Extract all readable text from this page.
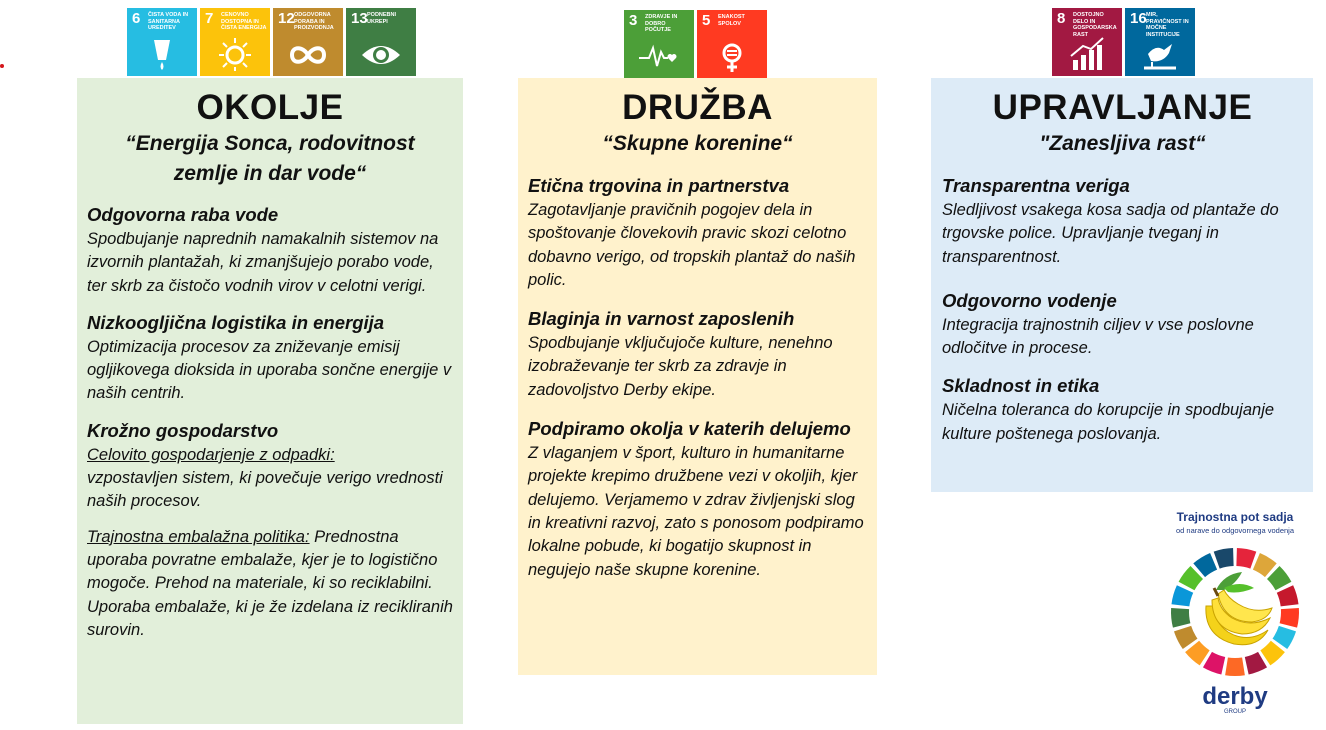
6 ČISTA VODA IN SANITARNA UREDITEV
7 CENOVNO DOSTOPNA IN ČISTA ENERGIJA
12 ODGOVORNA PORABA IN PROIZVODNJA
13 PODNEBNI UKREPI	3 ZDRAVJE IN DOBRO POČUTJE
5 ENAKOST SPOLOV	8 DOSTOJNO DELO IN GOSPODARSKA RAST
16 MIR, PRAVIČNOST IN MOČNE INSTITUCIJE
OKOLJE
“Energija Sonca, rodovitnost
zemlje in dar vode“
Odgovorna raba vode
Spodbujanje naprednih namakalnih sistemov na izvornih plantažah, ki zmanjšujejo porabo vode, ter skrb za čistočo vodnih virov v celotni verigi.
Nizkoogljična logistika in energija
Optimizacija procesov za zniževanje emisij ogljikovega dioksida in uporaba sončne energije v naših centrih.
Krožno gospodarstvo
Celovito gospodarjenje z odpadki:
vzpostavljen sistem, ki povečuje verigo vrednosti naših procesov.
Trajnostna embalažna politika: Prednostna uporaba povratne embalaže, kjer je to logistično mogoče. Prehod na materiale, ki so reciklabilni. Uporaba embalaže, ki je že izdelana iz recikliranih surovin.
DRUŽBA
“Skupne korenine“
Etična trgovina in partnerstva
Zagotavljanje pravičnih pogojev dela in spoštovanje človekovih pravic skozi celotno dobavno verigo, od tropskih plantaž do naših polic.
Blaginja in varnost zaposlenih
Spodbujanje vključujoče kulture, nenehno izobraževanje ter skrb za zdravje in zadovoljstvo Derby ekipe.
Podpiramo okolja v katerih delujemo
Z vlaganjem v šport, kulturo in humanitarne projekte krepimo družbene vezi v okoljih, kjer delujemo. Verjamemo v zdrav življenjski slog in kreativni razvoj, zato s ponosom podpiramo lokalne pobude, ki bogatijo skupnost in negujejo naše skupne korenine.
UPRAVLJANJE
"Zanesljiva rast“
Transparentna veriga
Sledljivost vsakega kosa sadja od plantaže do trgovske police. Upravljanje tveganj in transparentnost.
Odgovorno vodenje
Integracija trajnostnih ciljev v vse poslovne odločitve in procese.
Skladnost in etika
Ničelna toleranca do korupcije in spodbujanje kulture poštenega poslovanja.
Trajnostna pot sadja
od narave do odgovornega vodenja
derby
GROUP
